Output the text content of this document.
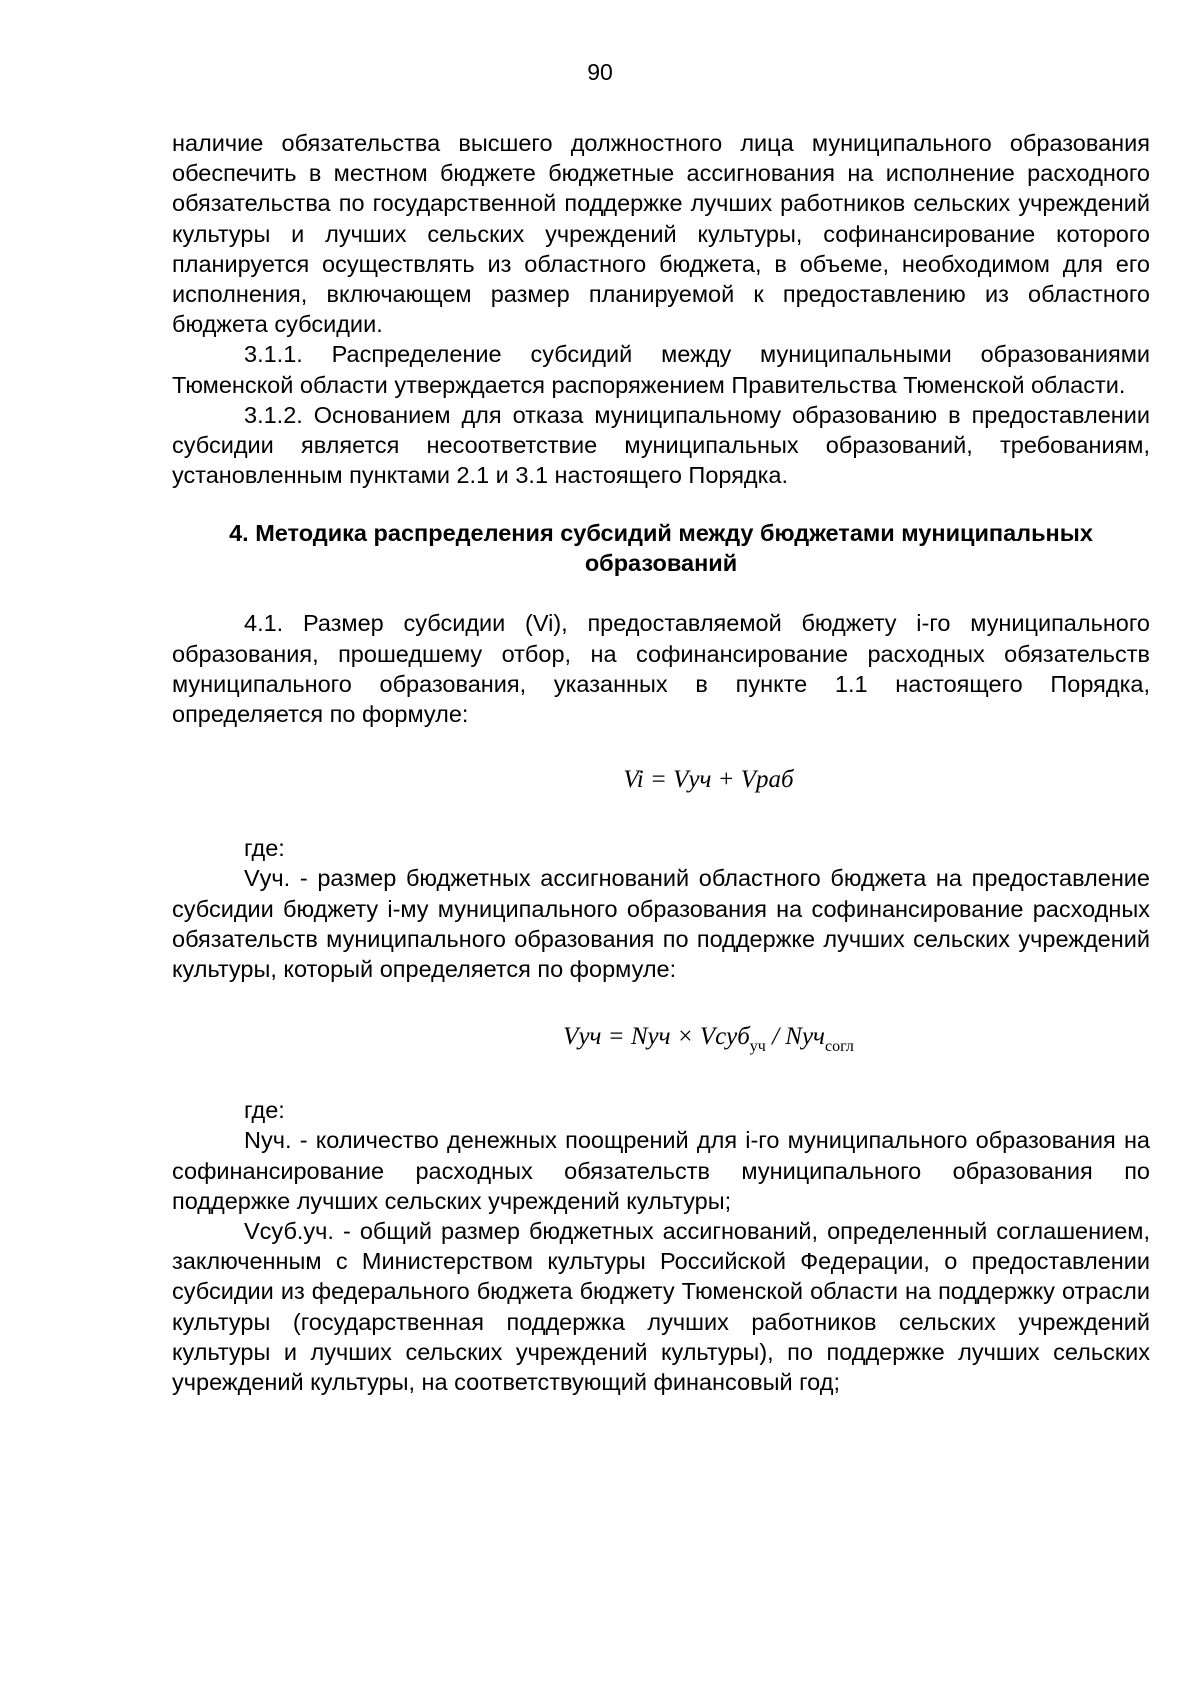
90

наличие обязательства высшего должностного лица муниципального образования обеспечить в местном бюджете бюджетные ассигнования на исполнение расходного обязательства по государственной поддержке лучших работников сельских учреждений культуры и лучших сельских учреждений культуры, софинансирование которого планируется осуществлять из областного бюджета, в объеме, необходимом для его исполнения, включающем размер планируемой к предоставлению из областного бюджета субсидии.

3.1.1. Распределение субсидий между муниципальными образованиями Тюменской области утверждается распоряжением Правительства Тюменской области.

3.1.2. Основанием для отказа муниципальному образованию в предоставлении субсидии является несоответствие муниципальных образований, требованиям, установленным пунктами 2.1 и 3.1 настоящего Порядка.

4. Методика распределения субсидий между бюджетами муниципальных образований

4.1. Размер субсидии (Vi), предоставляемой бюджету i-го муниципального образования, прошедшему отбор, на софинансирование расходных обязательств муниципального образования, указанных в пункте 1.1 настоящего Порядка, определяется по формуле:

Vi = Vуч + Vраб

где:

Vуч. - размер бюджетных ассигнований областного бюджета на предоставление субсидии бюджету i-му муниципального образования на софинансирование расходных обязательств муниципального образования по поддержке лучших сельских учреждений культуры, который определяется по формуле:

Vуч = Nуч × Vсуб$_{уч}$ / Nуч$_{согл}$

где:

Nуч. - количество денежных поощрений для i-го муниципального образования на софинансирование расходных обязательств муниципального образования по поддержке лучших сельских учреждений культуры;

Vсуб.уч. - общий размер бюджетных ассигнований, определенный соглашением, заключенным с Министерством культуры Российской Федерации, о предоставлении субсидии из федерального бюджета бюджету Тюменской области на поддержку отрасли культуры (государственная поддержка лучших работников сельских учреждений культуры и лучших сельских учреждений культуры), по поддержке лучших сельских учреждений культуры, на соответствующий финансовый год;
